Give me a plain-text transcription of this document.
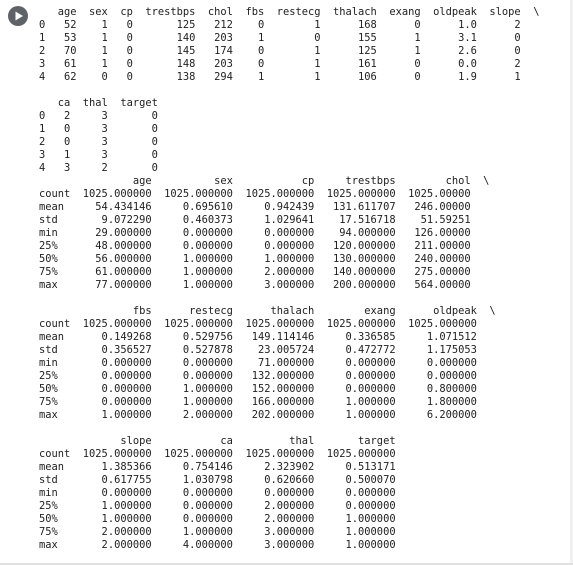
age  sex  cp  trestbps  chol  fbs  restecg  thalach  exang  oldpeak  slope  \
0   52    1   0       125   212    0        1      168      0      1.0      2
1   53    1   0       140   203    1        0      155      1      3.1      0
2   70    1   0       145   174    0        1      125      1      2.6      0
3   61    1   0       148   203    0        1      161      0      0.0      2
4   62    0   0       138   294    1        1      106      0      1.9      1

ca  thal  target
0   2     3       0
1   0     3       0
2   0     3       0
3   1     3       0
4   3     2       0
age          sex           cp     trestbps        chol  \
count  1025.000000  1025.000000  1025.000000  1025.000000  1025.00000
mean     54.434146     0.695610     0.942439   131.611707   246.00000
std       9.072290     0.460373     1.029641    17.516718    51.59251
min      29.000000     0.000000     0.000000    94.000000   126.00000
25%      48.000000     0.000000     0.000000   120.000000   211.00000
50%      56.000000     1.000000     1.000000   130.000000   240.00000
75%      61.000000     1.000000     2.000000   140.000000   275.00000
max      77.000000     1.000000     3.000000   200.000000   564.00000

fbs      restecg      thalach        exang      oldpeak  \
count  1025.000000  1025.000000  1025.000000  1025.000000  1025.000000
mean      0.149268     0.529756   149.114146     0.336585     1.071512
std       0.356527     0.527878    23.005724     0.472772     1.175053
min       0.000000     0.000000    71.000000     0.000000     0.000000
25%       0.000000     0.000000   132.000000     0.000000     0.000000
50%       0.000000     1.000000   152.000000     0.000000     0.800000
75%       0.000000     1.000000   166.000000     1.000000     1.800000
max       1.000000     2.000000   202.000000     1.000000     6.200000

slope           ca         thal       target
count  1025.000000  1025.000000  1025.000000  1025.000000
mean      1.385366     0.754146     2.323902     0.513171
std       0.617755     1.030798     0.620660     0.500070
min       0.000000     0.000000     0.000000     0.000000
25%       1.000000     0.000000     2.000000     0.000000
50%       1.000000     0.000000     2.000000     1.000000
75%       2.000000     1.000000     3.000000     1.000000
max       2.000000     4.000000     3.000000     1.000000
